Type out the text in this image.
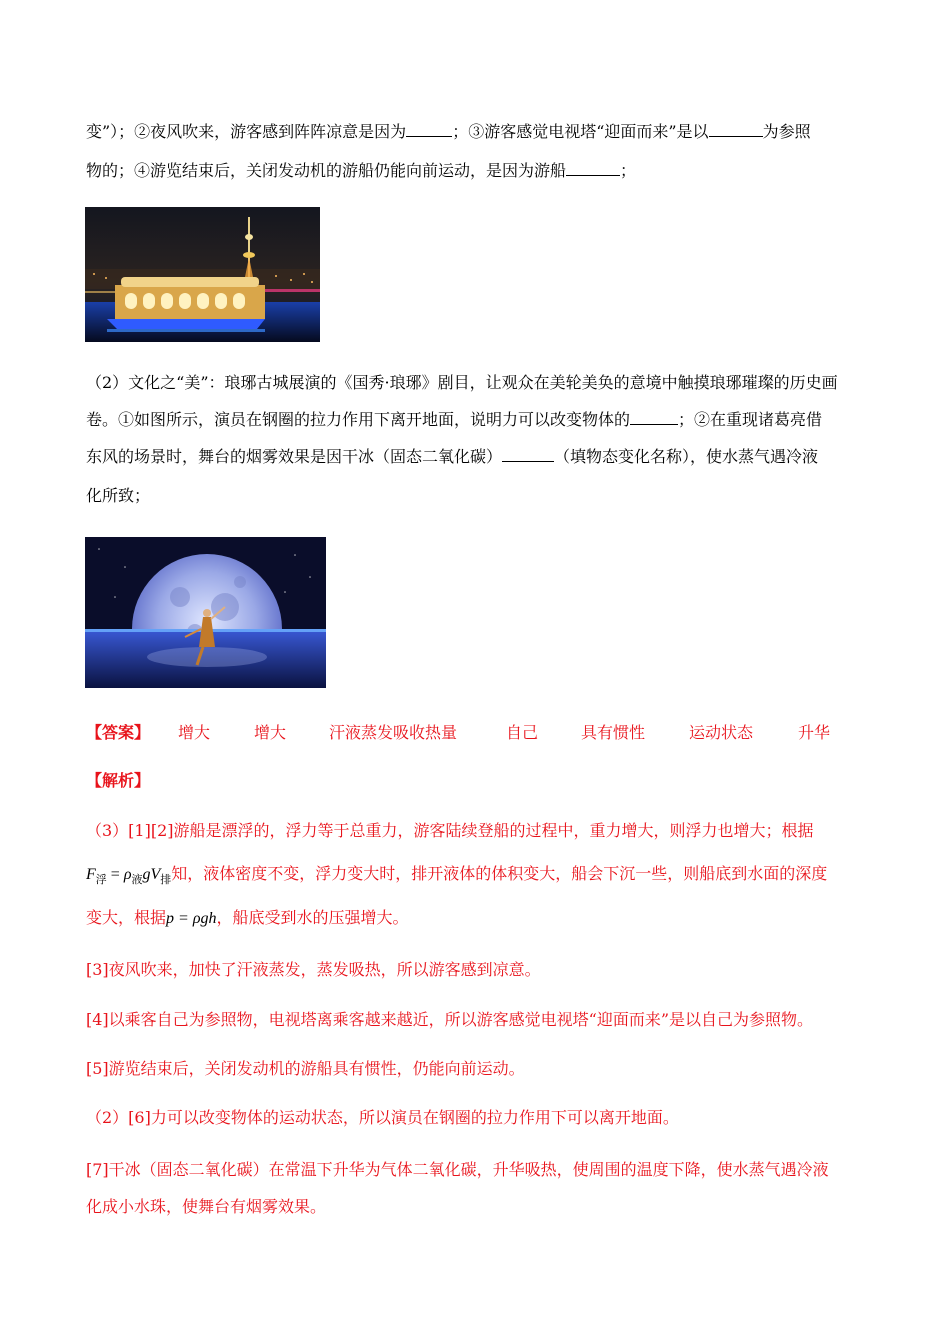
变”）；②夜风吹来，游客感到阵阵凉意是因为	；③游客感觉电视塔“迎面而来”是以	为参照
物的；④游览结束后，关闭发动机的游船仍能向前运动，是因为游船	；
（2）文化之“美”：琅琊古城展演的《国秀·琅琊》剧目，让观众在美轮美奂的意境中触摸琅琊璀璨的历史画
卷。①如图所示，演员在钢圈的拉力作用下离开地面，说明力可以改变物体的	；②在重现诸葛亮借
东风的场景时，舞台的烟雾效果是因干冰（固态二氧化碳）	（填物态变化名称），使水蒸气遇冷液
化所致；
【答案】 增大	增大	汗液蒸发吸收热量	自己	具有惯性	运动状态	升华
【解析】
（3）[1][2]游船是漂浮的，浮力等于总重力，游客陆续登船的过程中，重力增大，则浮力也增大；根据
$F_浮 = \rho_液gV_排$知，液体密度不变，浮力变大时，排开液体的体积变大，船会下沉一些，则船底到水面的深度
变大，根据p = ρgh，船底受到水的压强增大。
[3]夜风吹来，加快了汗液蒸发，蒸发吸热，所以游客感到凉意。
[4]以乘客自己为参照物，电视塔离乘客越来越近，所以游客感觉电视塔“迎面而来”是以自己为参照物。
[5]游览结束后，关闭发动机的游船具有惯性，仍能向前运动。
（2）[6]力可以改变物体的运动状态，所以演员在钢圈的拉力作用下可以离开地面。
[7]干冰（固态二氧化碳）在常温下升华为气体二氧化碳，升华吸热，使周围的温度下降，使水蒸气遇冷液
化成小水珠，使舞台有烟雾效果。
